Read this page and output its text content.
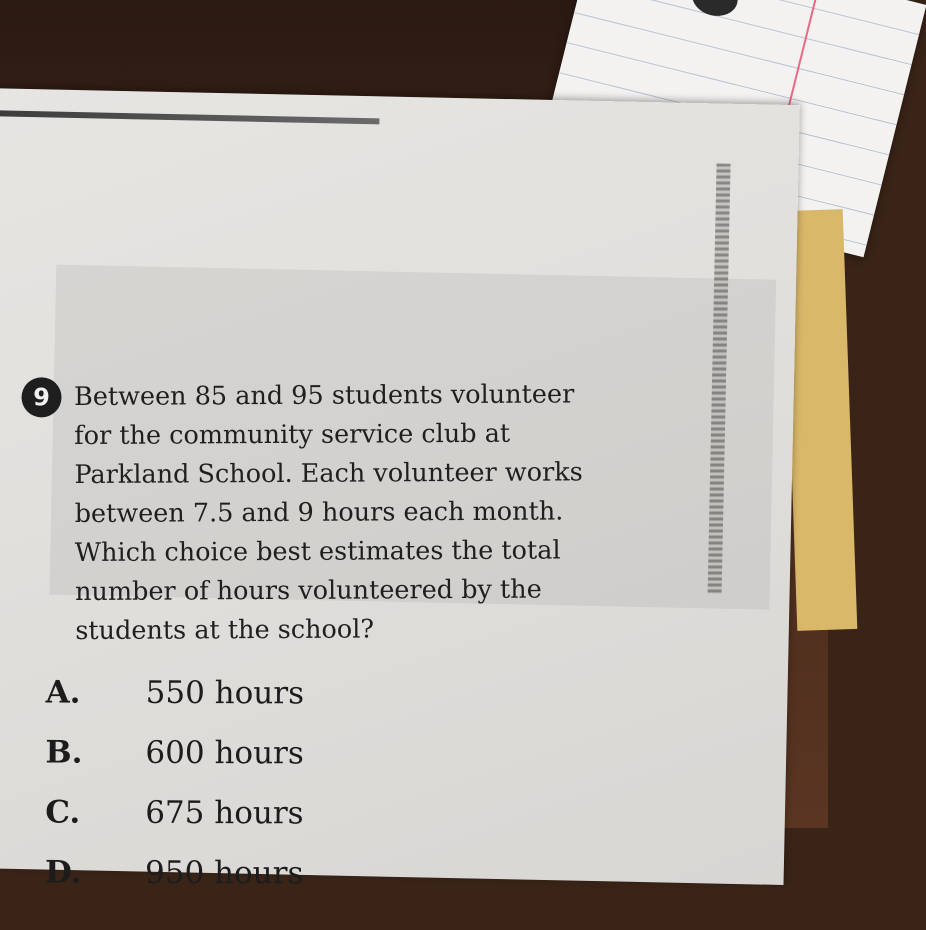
9 Between 85 and 95 students volunteer
for the community service club at
Parkland School. Each volunteer works
between 7.5 and 9 hours each month.
Which choice best estimates the total
number of hours volunteered by the
students at the school?
A.	550 hours
B.	600 hours
C.	675 hours
D.	950 hours
